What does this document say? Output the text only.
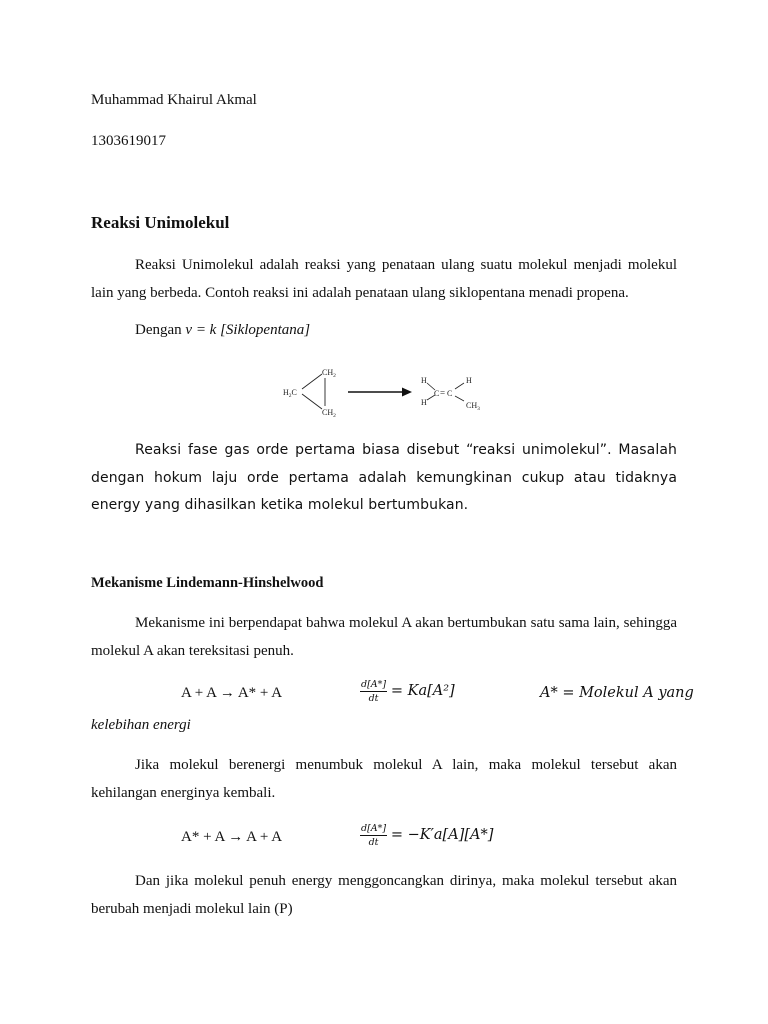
Muhammad Khairul Akmal
1303619017
Reaksi Unimolekul
Reaksi Unimolekul adalah reaksi yang penataan ulang suatu molekul menjadi molekul lain yang berbeda. Contoh reaksi ini adalah penataan ulang siklopentana menadi propena.
Dengan v = k [Siklopentana]
$CH_2$
$H_2C$
$CH_2$
H
H
C = C
H
$CH_3$
Reaksi fase gas orde pertama biasa disebut “reaksi unimolekul”. Masalah dengan hokum laju orde pertama adalah kemungkinan cukup atau tidaknya energy yang dihasilkan ketika molekul bertumbukan.
Mekanisme Lindemann-Hinshelwood
Mekanisme ini berpendapat bahwa molekul A akan bertumbukan satu sama lain, sehingga molekul A akan tereksitasi penuh.
A + A → A* + A	$\frac{d[A*]}{dt} = Ka[A^2]$	A* = Molekul A yang
kelebihan energi
Jika molekul berenergi menumbuk molekul A lain, maka molekul tersebut akan kehilangan energinya kembali.
A* + A → A + A	$\frac{d[A*]}{dt} = -K'a[A][A*]$
Dan jika molekul penuh energy menggoncangkan dirinya, maka molekul tersebut akan berubah menjadi molekul lain (P)
